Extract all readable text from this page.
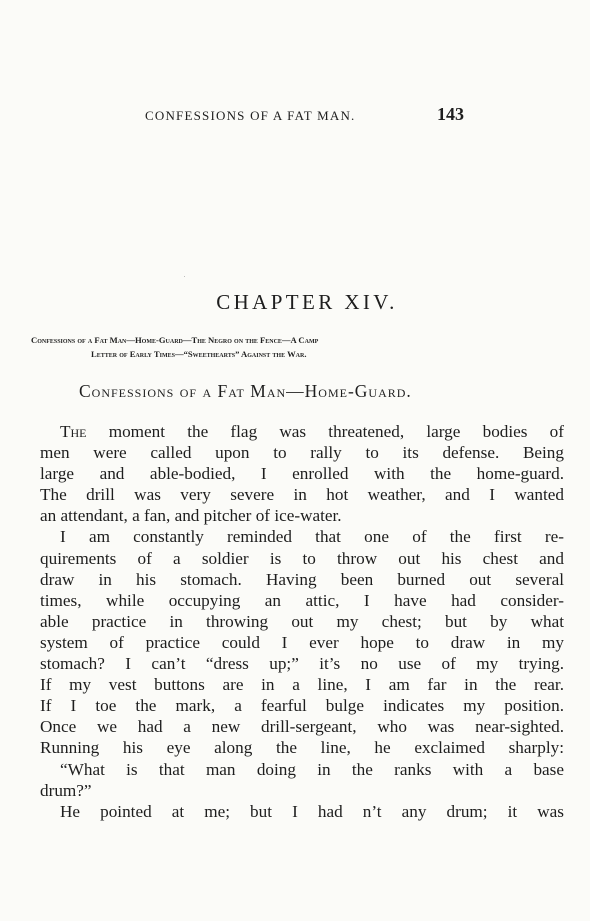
CONFESSIONS OF A FAT MAN.	143
CHAPTER XIV.
Confessions of a Fat Man—Home-Guard—The Negro on the Fence—A Camp
Letter of Early Times—“Sweethearts” Against the War.
Confessions of a Fat Man—Home-Guard.
The moment the flag was threatened, large bodies of
men were called upon to rally to its defense. Being
large and able-bodied, I enrolled with the home-guard.
The drill was very severe in hot weather, and I wanted
an attendant, a fan, and pitcher of ice-water.
I am constantly reminded that one of the first re-
quirements of a soldier is to throw out his chest and
draw in his stomach. Having been burned out several
times, while occupying an attic, I have had consider-
able practice in throwing out my chest; but by what
system of practice could I ever hope to draw in my
stomach? I can’t “dress up;” it’s no use of my trying.
If my vest buttons are in a line, I am far in the rear.
If I toe the mark, a fearful bulge indicates my position.
Once we had a new drill-sergeant, who was near-sighted.
Running his eye along the line, he exclaimed sharply:
“What is that man doing in the ranks with a base
drum?”
He pointed at me; but I had n’t any drum; it was
